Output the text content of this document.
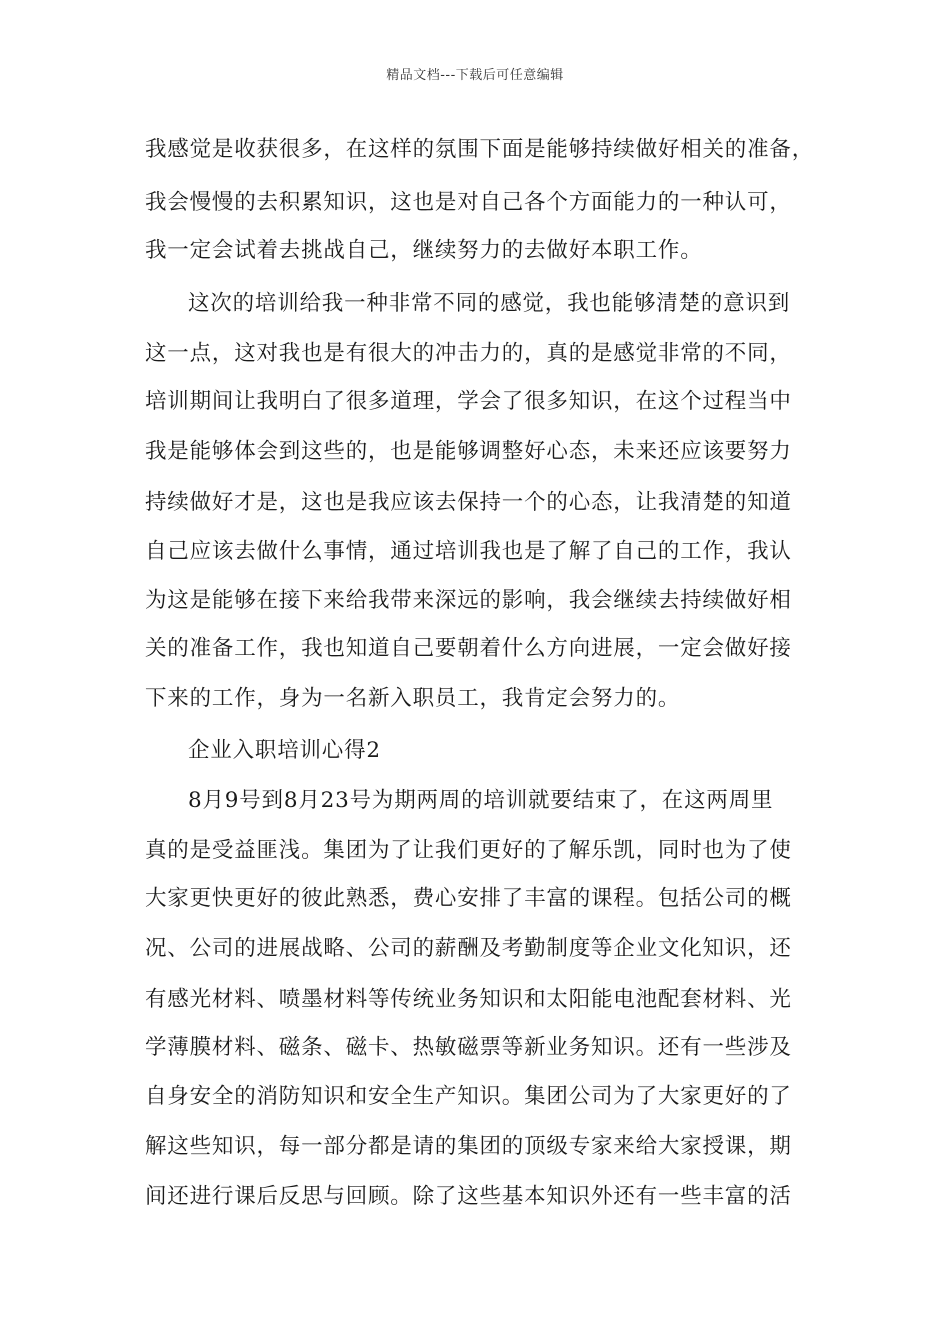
精品文档---下载后可任意编辑
我感觉是收获很多，在这样的氛围下面是能够持续做好相关的准备，
我会慢慢的去积累知识，这也是对自己各个方面能力的一种认可，
我一定会试着去挑战自己，继续努力的去做好本职工作。
这次的培训给我一种非常不同的感觉，我也能够清楚的意识到
这一点，这对我也是有很大的冲击力的，真的是感觉非常的不同，
培训期间让我明白了很多道理，学会了很多知识，在这个过程当中
我是能够体会到这些的，也是能够调整好心态，未来还应该要努力
持续做好才是，这也是我应该去保持一个的心态，让我清楚的知道
自己应该去做什么事情，通过培训我也是了解了自己的工作，我认
为这是能够在接下来给我带来深远的影响，我会继续去持续做好相
关的准备工作，我也知道自己要朝着什么方向进展，一定会做好接
下来的工作，身为一名新入职员工，我肯定会努力的。
企业入职培训心得2
8月9号到8月23号为期两周的培训就要结束了，在这两周里
真的是受益匪浅。集团为了让我们更好的了解乐凯，同时也为了使
大家更快更好的彼此熟悉，费心安排了丰富的课程。包括公司的概
况、公司的进展战略、公司的薪酬及考勤制度等企业文化知识，还
有感光材料、喷墨材料等传统业务知识和太阳能电池配套材料、光
学薄膜材料、磁条、磁卡、热敏磁票等新业务知识。还有一些涉及
自身安全的消防知识和安全生产知识。集团公司为了大家更好的了
解这些知识，每一部分都是请的集团的顶级专家来给大家授课，期
间还进行课后反思与回顾。除了这些基本知识外还有一些丰富的活
